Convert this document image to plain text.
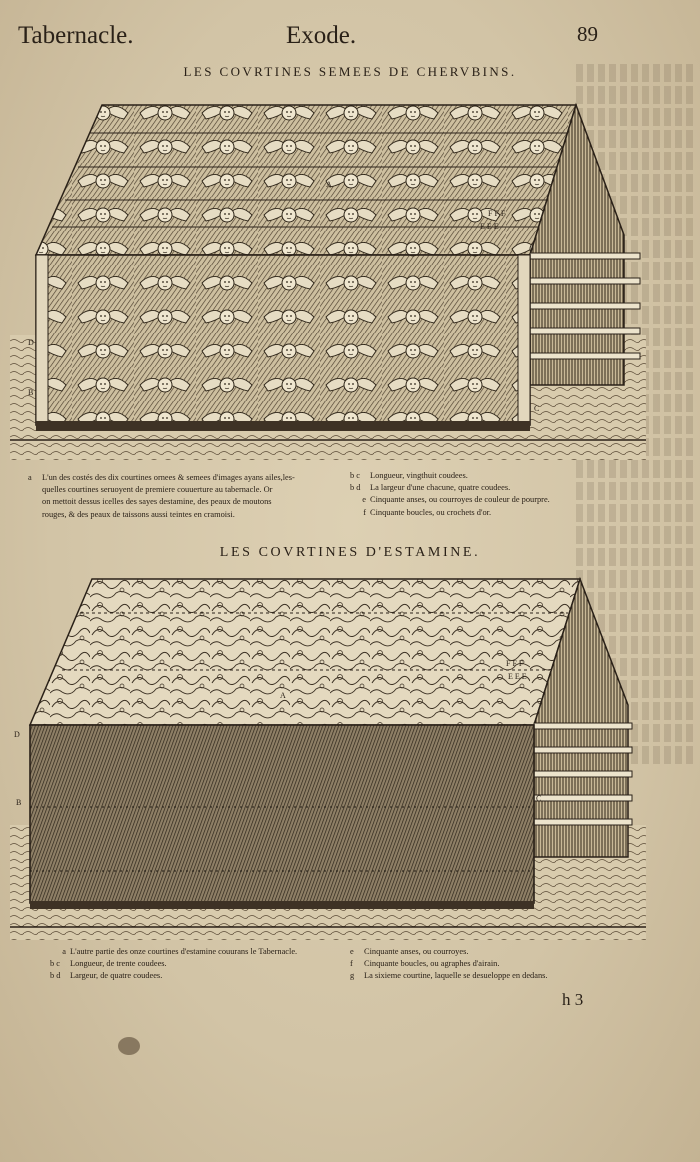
Tabernacle.	Exode.	89
LES COVRTINES SEMEES DE CHERVBINS.
A
F F F
E E E
D
B
C
a L'un des costés des dix courtines ornees & semees d'images ayans ailes,les-
quelles courtines seruoyent de premiere couuerture au tabernacle. Or
on mettoit dessus icelles des sayes destamine, des peaux de moutons
rouges, & des peaux de taissons aussi teintes en cramoisi.
b c Longueur, vingthuit coudees.
b d La largeur d'une chacune, quatre coudees.
e Cinquante anses, ou courroyes de couleur de pourpre.
f Cinquante boucles, ou crochets d'or.
LES COVRTINES D'ESTAMINE.
A
F F F
E E E
D
B	C
a L'autre partie des onze courtines d'estamine couurans le Tabernacle.
b c Longueur, de trente coudees.
b d Largeur, de quatre coudees.
e Cinquante anses, ou courroyes.
f Cinquante boucles, ou agraphes d'airain.
g La sixieme courtine, laquelle se desueloppe en dedans.
h 3
